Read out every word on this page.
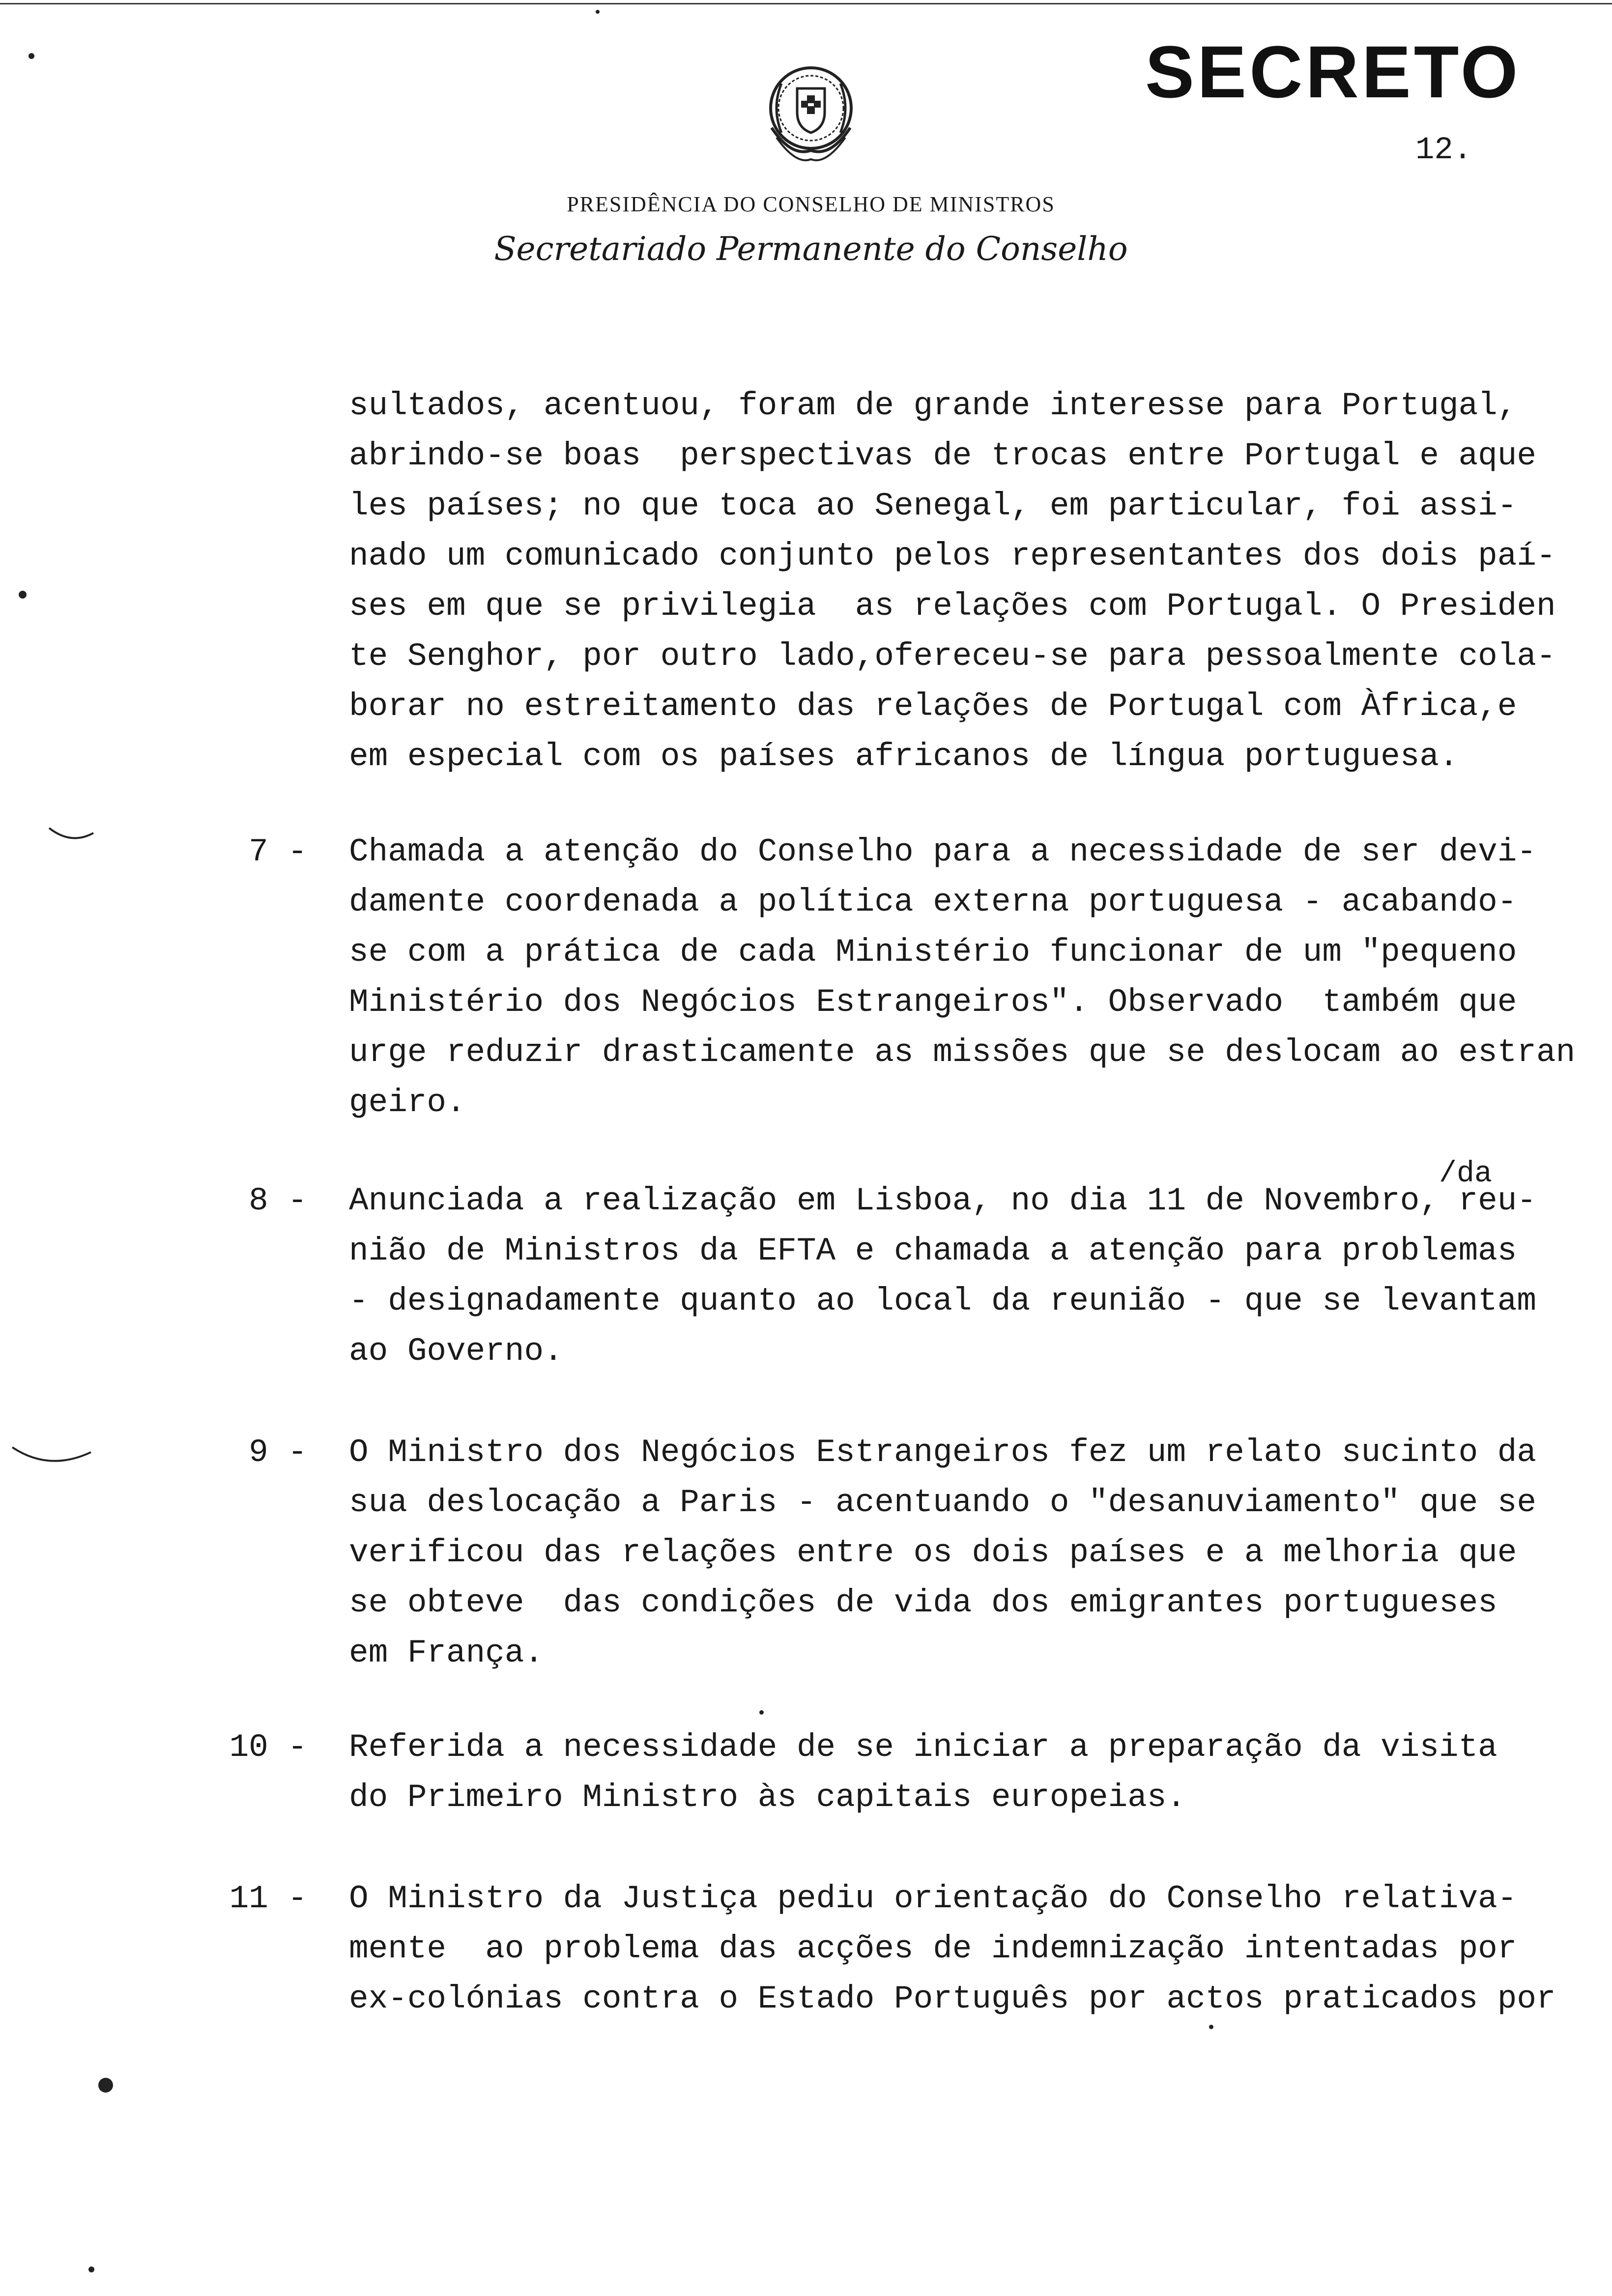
SECRETO
12.
PRESIDÊNCIA DO CONSELHO DE MINISTROS
Secretariado Permanente do Conselho
sultados, acentuou, foram de grande interesse para Portugal,
abrindo-se boas  perspectivas de trocas entre Portugal e aque
les países; no que toca ao Senegal, em particular, foi assi-
nado um comunicado conjunto pelos representantes dos dois paí-
ses em que se privilegia  as relações com Portugal. O Presiden
te Senghor, por outro lado,ofereceu-se para pessoalmente cola-
borar no estreitamento das relações de Portugal com Àfrica,e
em especial com os países africanos de língua portuguesa.
7 - Chamada a atenção do Conselho para a necessidade de ser devi-
damente coordenada a política externa portuguesa - acabando-
se com a prática de cada Ministério funcionar de um "pequeno
Ministério dos Negócios Estrangeiros". Observado  também que
urge reduzir drasticamente as missões que se deslocam ao estran
geiro.
/da
8 - Anunciada a realização em Lisboa, no dia 11 de Novembro, reu-
nião de Ministros da EFTA e chamada a atenção para problemas
- designadamente quanto ao local da reunião - que se levantam
ao Governo.
9 - O Ministro dos Negócios Estrangeiros fez um relato sucinto da
sua deslocação a Paris - acentuando o "desanuviamento" que se
verificou das relações entre os dois países e a melhoria que
se obteve  das condições de vida dos emigrantes portugueses
em França.
10 - Referida a necessidade de se iniciar a preparação da visita
do Primeiro Ministro às capitais europeias.
11 - O Ministro da Justiça pediu orientação do Conselho relativa-
mente  ao problema das acções de indemnização intentadas por
ex-colónias contra o Estado Português por actos praticados por
